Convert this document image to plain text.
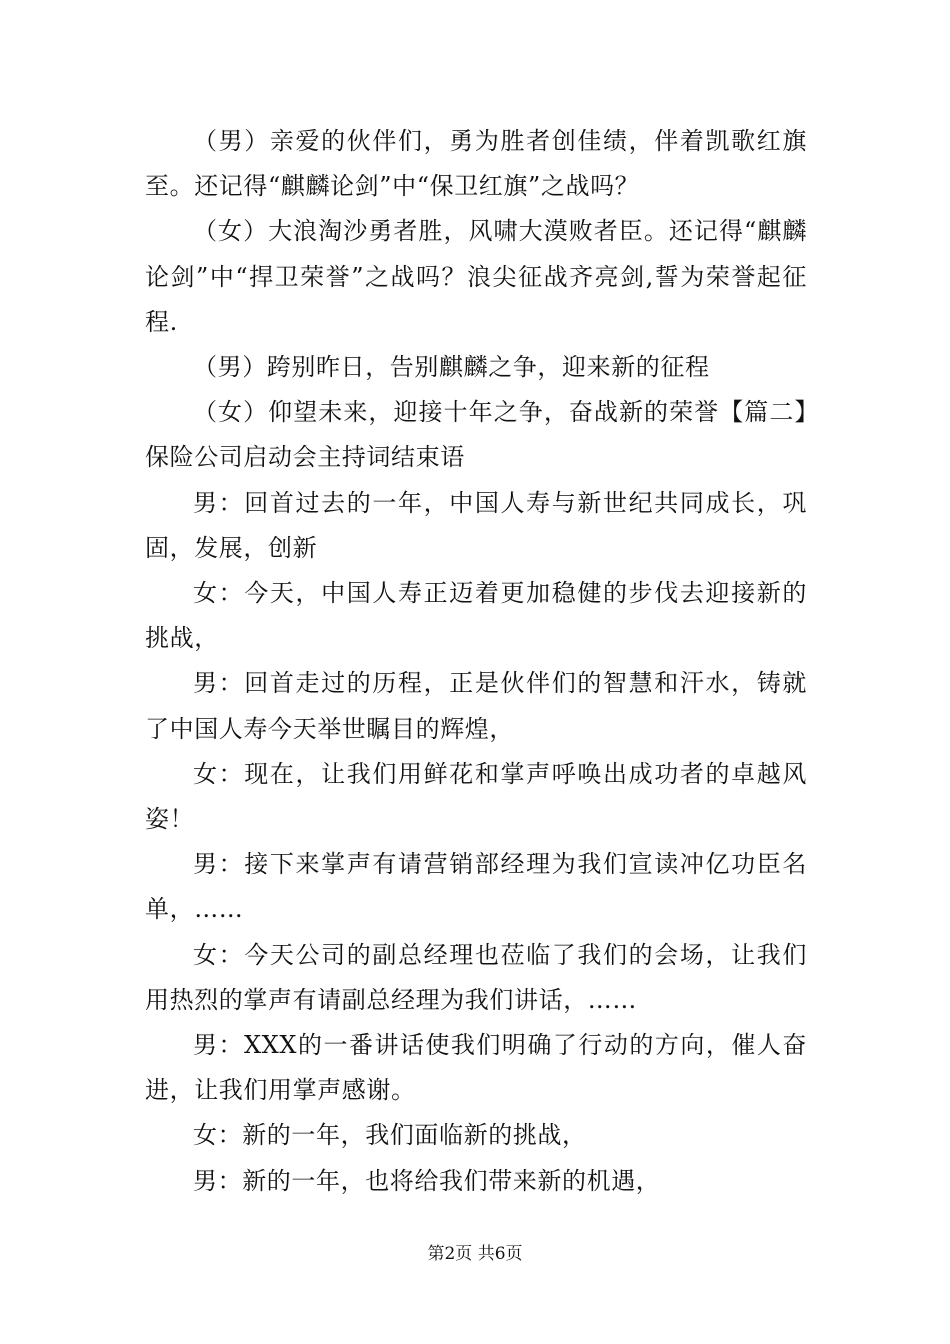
（男）亲爱的伙伴们，勇为胜者创佳绩，伴着凯歌红旗至。还记得“麒麟论剑”中“保卫红旗”之战吗？

（女）大浪淘沙勇者胜，风啸大漠败者臣。还记得“麒麟论剑”中“捍卫荣誉”之战吗？浪尖征战齐亮剑,誓为荣誉起征程.

（男）跨别昨日，告别麒麟之争，迎来新的征程

（女）仰望未来，迎接十年之争，奋战新的荣誉【篇二】保险公司启动会主持词结束语

男：回首过去的一年，中国人寿与新世纪共同成长，巩固，发展，创新

女：今天，中国人寿正迈着更加稳健的步伐去迎接新的挑战，

男：回首走过的历程，正是伙伴们的智慧和汗水，铸就了中国人寿今天举世瞩目的辉煌，

女：现在，让我们用鲜花和掌声呼唤出成功者的卓越风姿！

男：接下来掌声有请营销部经理为我们宣读冲亿功臣名单，……

女：今天公司的副总经理也莅临了我们的会场，让我们用热烈的掌声有请副总经理为我们讲话，……

男：XXX的一番讲话使我们明确了行动的方向，催人奋进，让我们用掌声感谢。

女：新的一年，我们面临新的挑战，

男：新的一年，也将给我们带来新的机遇，

第2页 共6页
